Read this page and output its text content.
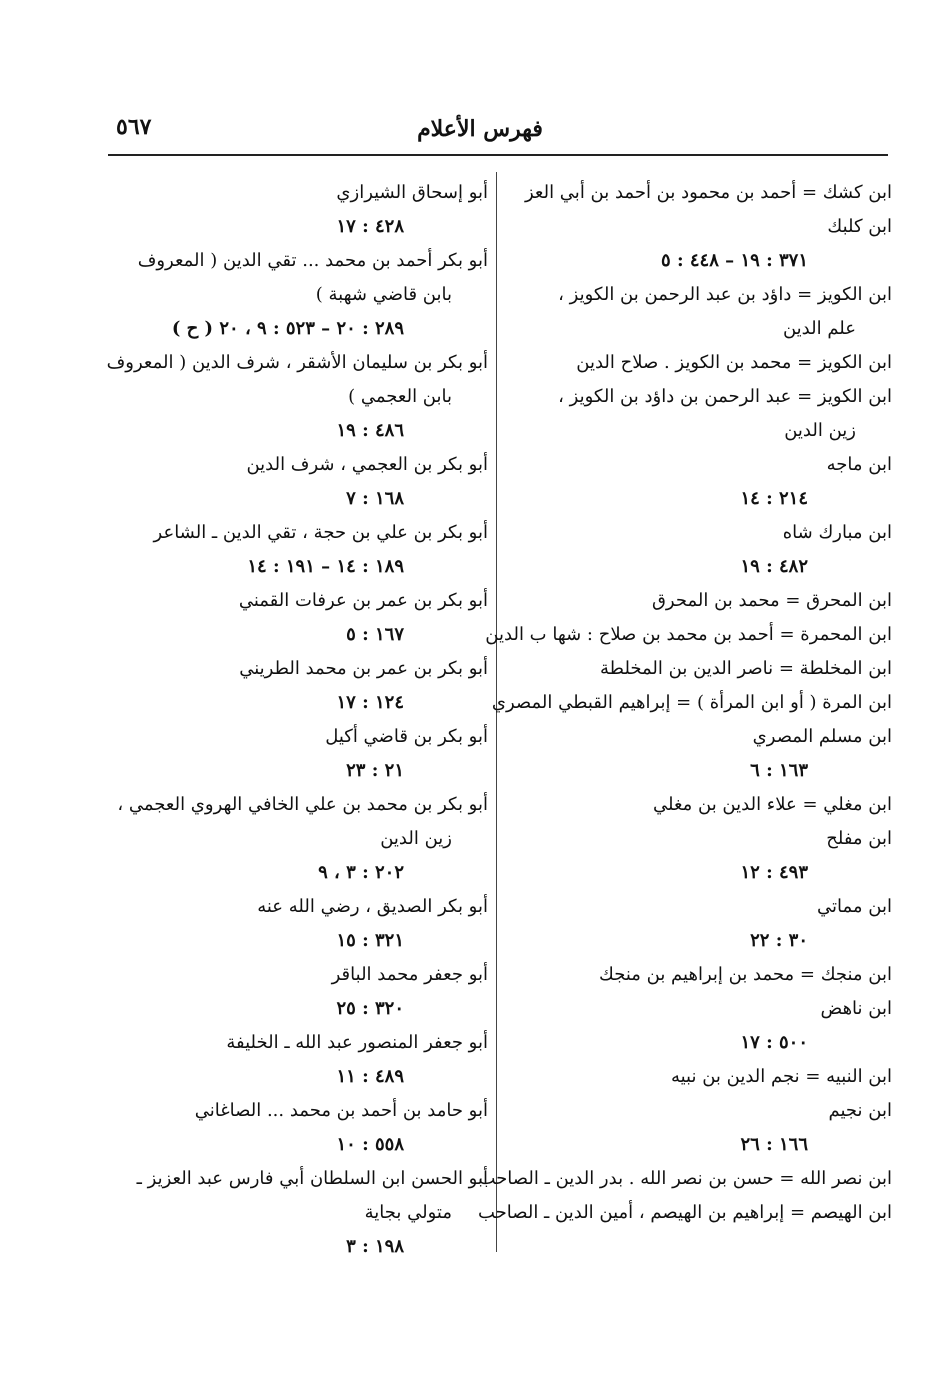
فهرس الأعلام
٥٦٧
ابن كشك = أحمد بن محمود بن أحمد بن أبي العز
ابن كلبك
٣٧١ : ١٩ – ٤٤٨ : ٥
ابن الكويز = داؤد بن عبد الرحمن بن الكويز ،
علم الدين
ابن الكويز = محمد بن الكويز . صلاح الدين
ابن الكويز = عبد الرحمن بن داؤد بن الكويز ،
زين الدين
ابن ماجه
٢١٤ : ١٤
ابن مبارك شاه
٤٨٢ : ١٩
ابن المحرق = محمد بن المحرق
ابن المحمرة = أحمد بن محمد بن صلاح : شها ب الدين
ابن المخلطة = ناصر الدين بن المخلطة
ابن المرة ( أو ابن المرأة ) = إبراهيم القبطي المصري
ابن مسلم المصري
١٦٣ : ٦
ابن مغلي = علاء الدين بن مغلي
ابن مفلح
٤٩٣ : ١٢
ابن مماتي
٣٠ : ٢٢
ابن منجك = محمد بن إبراهيم بن منجك
ابن ناهض
٥٠٠ : ١٧
ابن النبيه = نجم الدين بن نبيه
ابن نجيم
١٦٦ : ٢٦
ابن نصر الله = حسن بن نصر الله . بدر الدين ـ الصاحب
ابن الهيصم = إبراهيم بن الهيصم ، أمين الدين ـ الصاحب
أبو إسحاق الشيرازي
٤٢٨ : ١٧
أبو بكر أحمد بن محمد ... تقي الدين ( المعروف
بابن قاضي شهبة )
٢٨٩ : ٢٠ – ٥٢٣ : ٩ ، ٢٠ ( ح )
أبو بكر بن سليمان الأشقر ، شرف الدين ( المعروف
بابن العجمي )
٤٨٦ : ١٩
أبو بكر بن العجمي ، شرف الدين
١٦٨ : ٧
أبو بكر بن علي بن حجة ، تقي الدين ـ الشاعر
١٨٩ : ١٤ – ١٩١ : ١٤
أبو بكر بن عمر بن عرفات القمني
١٦٧ : ٥
أبو بكر بن عمر بن محمد الطريني
١٢٤ : ١٧
أبو بكر بن قاضي أكيل
٢١ : ٢٣
أبو بكر بن محمد بن علي الخافي الهروي العجمي ،
زين الدين
٢٠٢ : ٣ ، ٩
أبو بكر الصديق ، رضي الله عنه
٣٢١ : ١٥
أبو جعفر محمد الباقر
٣٢٠ : ٢٥
أبو جعفر المنصور عبد الله ـ الخليفة
٤٨٩ : ١١
أبو حامد بن أحمد بن محمد ... الصاغاني
٥٥٨ : ١٠
أبو الحسن ابن السلطان أبي فارس عبد العزيز ـ
متولي بجاية
١٩٨ : ٣
